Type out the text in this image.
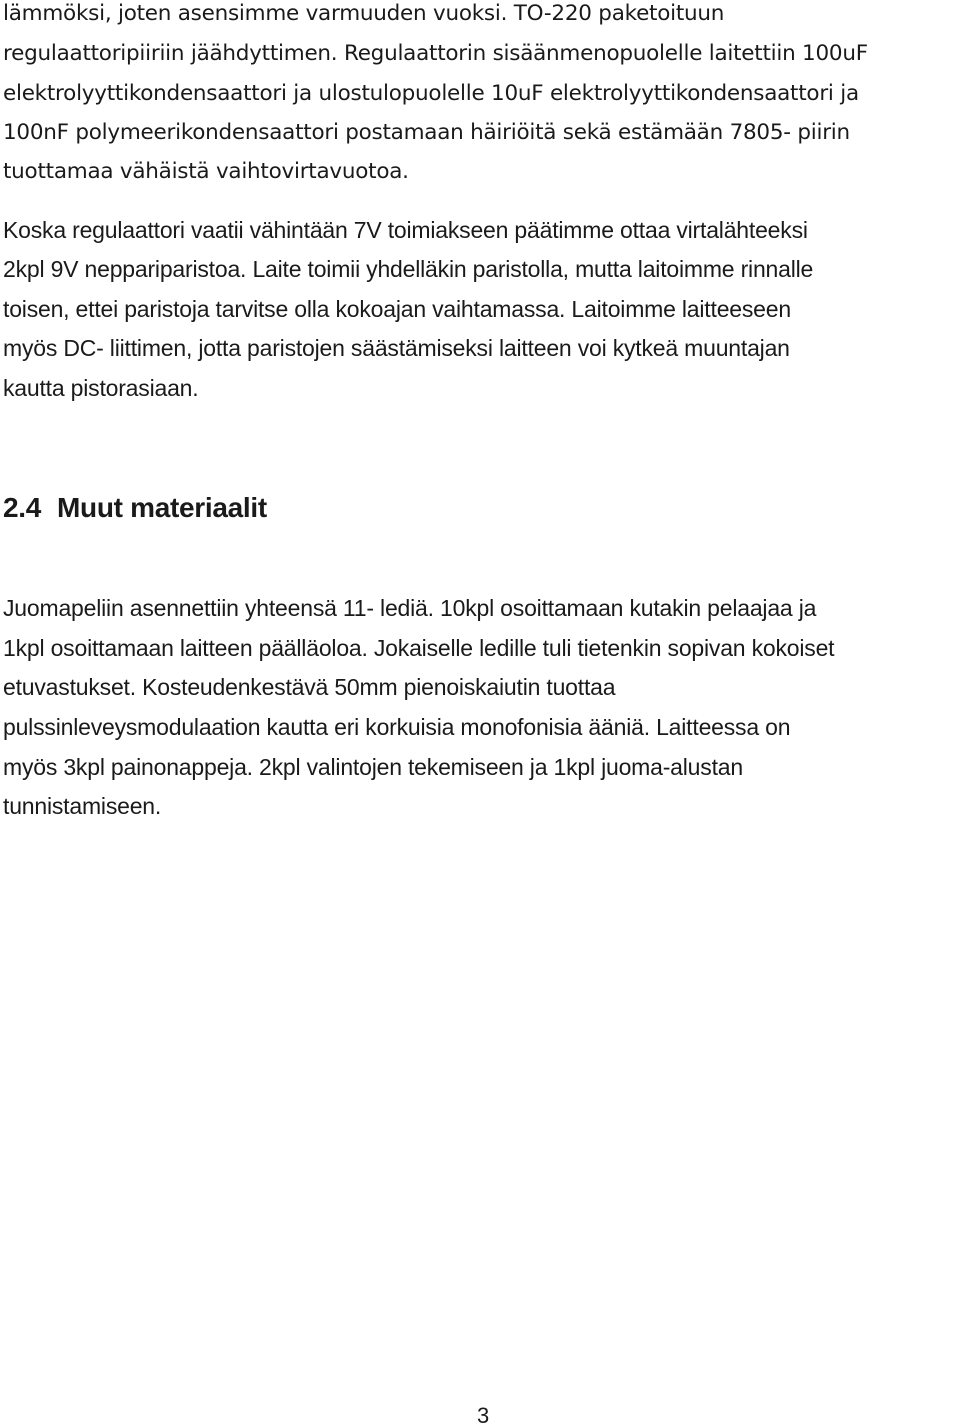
lämmöksi, joten asensimme varmuuden vuoksi. TO-220 paketoituun
regulaattoripiiriin jäähdyttimen. Regulaattorin sisäänmenopuolelle laitettiin 100uF
elektrolyyttikondensaattori ja ulostulopuolelle 10uF elektrolyyttikondensaattori ja
100nF polymeerikondensaattori postamaan häiriöitä sekä estämään 7805- piirin
tuottamaa vähäistä vaihtovirtavuotoa.
Koska regulaattori vaatii vähintään 7V toimiakseen päätimme ottaa virtalähteeksi
2kpl 9V neppariparistoa. Laite toimii yhdelläkin paristolla, mutta laitoimme rinnalle
toisen, ettei paristoja tarvitse olla kokoajan vaihtamassa. Laitoimme laitteeseen
myös DC- liittimen, jotta paristojen säästämiseksi laitteen voi kytkeä muuntajan
kautta pistorasiaan.
2.4 Muut materiaalit
Juomapeliin asennettiin yhteensä 11- lediä. 10kpl osoittamaan kutakin pelaajaa ja
1kpl osoittamaan laitteen päälläoloa. Jokaiselle ledille tuli tietenkin sopivan kokoiset
etuvastukset. Kosteudenkestävä 50mm pienoiskaiutin tuottaa
pulssinleveysmodulaation kautta eri korkuisia monofonisia ääniä. Laitteessa on
myös 3kpl painonappeja. 2kpl valintojen tekemiseen ja 1kpl juoma-alustan
tunnistamiseen.
3
